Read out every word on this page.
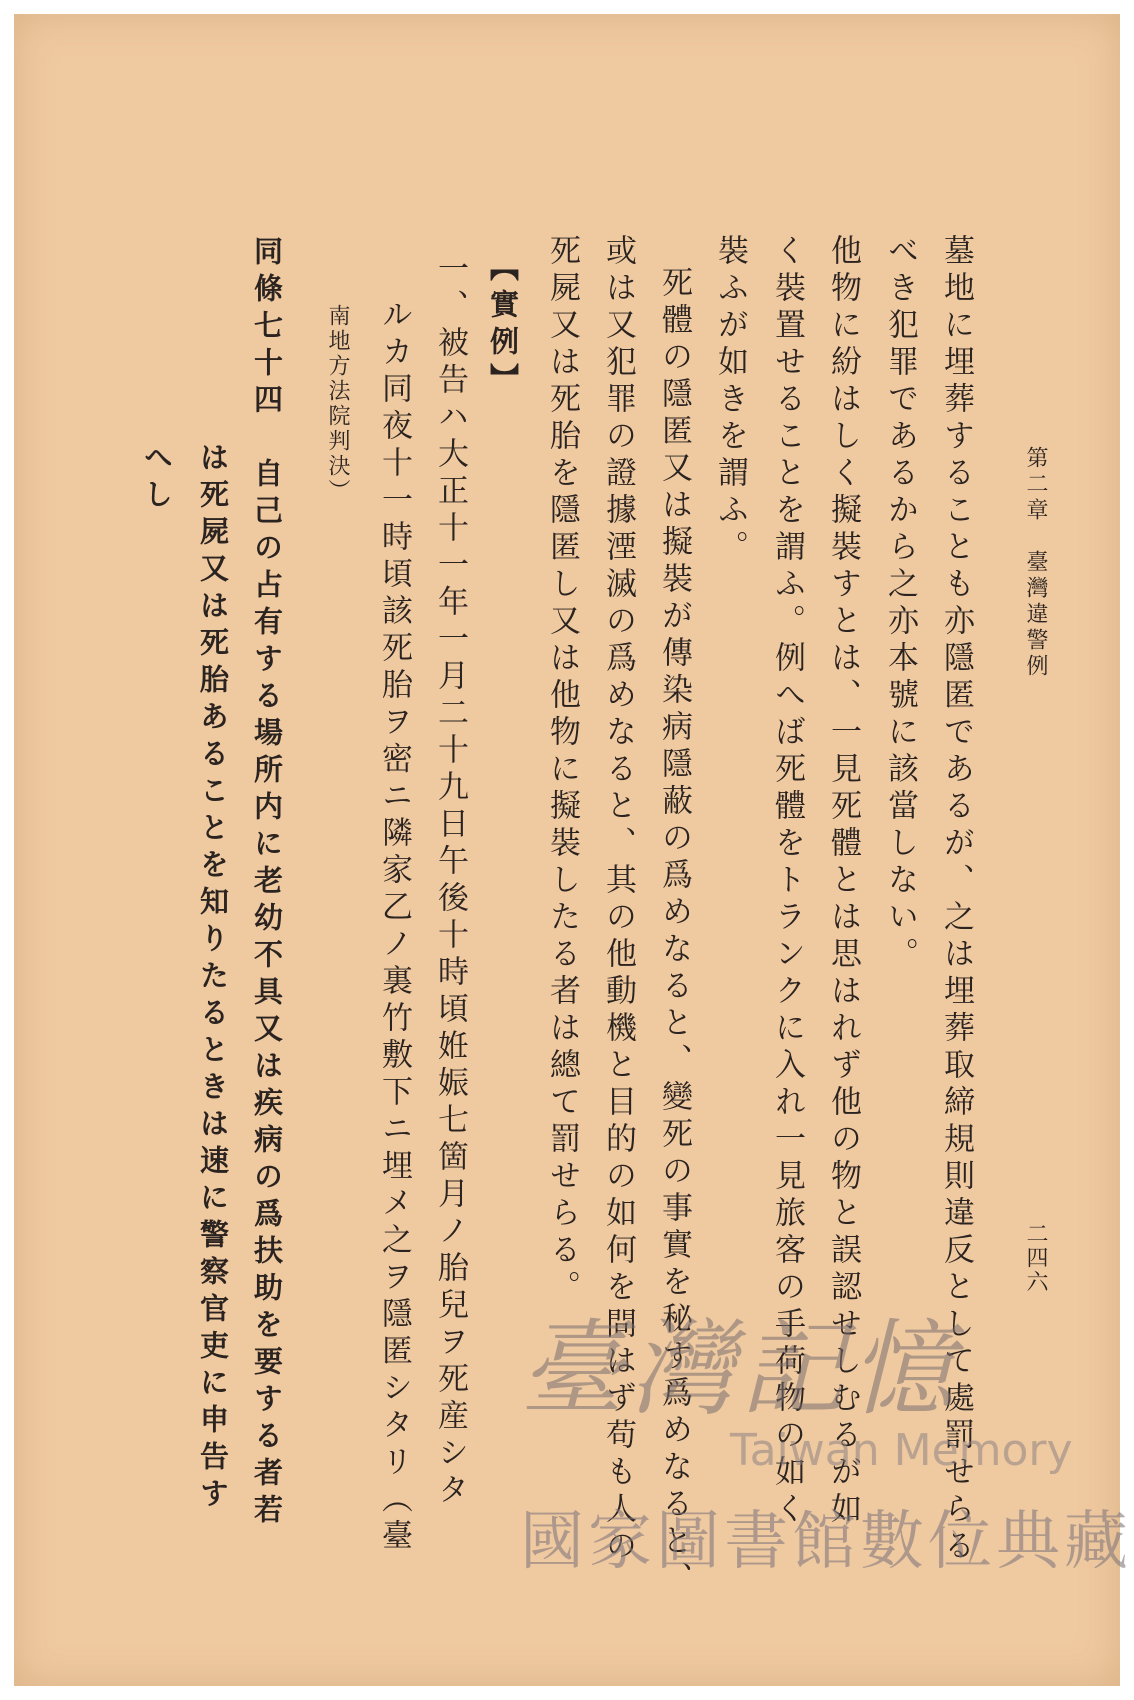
第二章　臺灣違警例
二四六
墓地に埋葬することも亦隱匿であるが、之は埋葬取締規則違反として處罰せらる
べき犯罪であるから之亦本號に該當しない。
他物に紛はしく擬裝すとは、一見死體とは思はれず他の物と誤認せしむるが如
く裝置せることを謂ふ。例へば死體をトランクに入れ一見旅客の手荷物の如く
裝ふが如きを謂ふ。
死體の隱匿又は擬裝が傳染病隱蔽の爲めなると、變死の事實を秘す爲めなると、
或は又犯罪の證據湮滅の爲めなると、其の他動機と目的の如何を問はず苟も人の
死屍又は死胎を隱匿し又は他物に擬裝したる者は總て罰せらる。
【實例】
一、被告ハ大正十一年一月二十九日午後十時頃姙娠七箇月ノ胎兒ヲ死産シタ
ルカ同夜十一時頃該死胎ヲ密ニ隣家乙ノ裏竹敷下ニ埋メ之ヲ隱匿シタリ（臺
南地方法院判決）
同條七十四　自己の占有する場所内に老幼不具又は疾病の爲扶助を要する者若
は死屍又は死胎あることを知りたるときは速に警察官吏に申告す
へし
臺灣記憶
Taiwan Memory
國家圖書館數位典藏
